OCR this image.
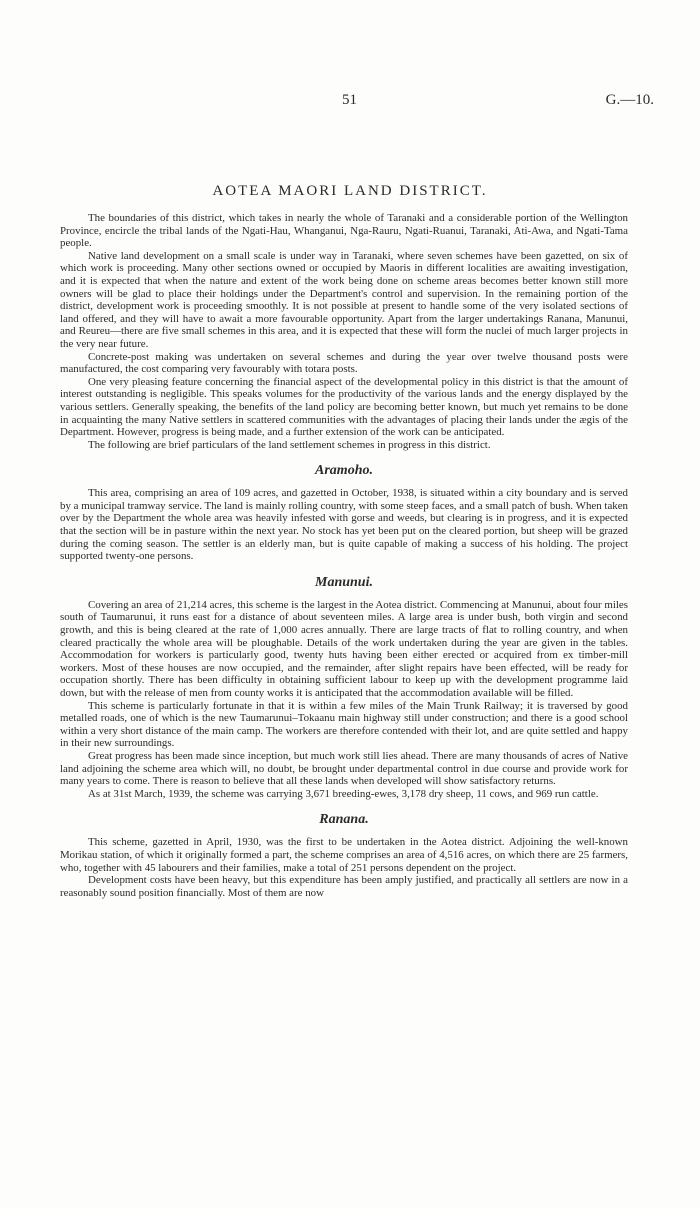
51	G.—10.
AOTEA MAORI LAND DISTRICT.

The boundaries of this district, which takes in nearly the whole of Taranaki and a considerable portion of the Wellington Province, encircle the tribal lands of the Ngati-Hau, Whanganui, Nga-Rauru, Ngati-Ruanui, Taranaki, Ati-Awa, and Ngati-Tama people.

Native land development on a small scale is under way in Taranaki, where seven schemes have been gazetted, on six of which work is proceeding. Many other sections owned or occupied by Maoris in different localities are awaiting investigation, and it is expected that when the nature and extent of the work being done on scheme areas becomes better known still more owners will be glad to place their holdings under the Department's control and supervision. In the remaining portion of the district, development work is proceeding smoothly. It is not possible at present to handle some of the very isolated sections of land offered, and they will have to await a more favourable opportunity. Apart from the larger undertakings Ranana, Manunui, and Reureu—there are five small schemes in this area, and it is expected that these will form the nuclei of much larger projects in the very near future.

Concrete-post making was undertaken on several schemes and during the year over twelve thousand posts were manufactured, the cost comparing very favourably with totara posts.

One very pleasing feature concerning the financial aspect of the developmental policy in this district is that the amount of interest outstanding is negligible. This speaks volumes for the productivity of the various lands and the energy displayed by the various settlers. Generally speaking, the benefits of the land policy are becoming better known, but much yet remains to be done in acquainting the many Native settlers in scattered communities with the advantages of placing their lands under the ægis of the Department. However, progress is being made, and a further extension of the work can be anticipated.

The following are brief particulars of the land settlement schemes in progress in this district.

Aramoho.

This area, comprising an area of 109 acres, and gazetted in October, 1938, is situated within a city boundary and is served by a municipal tramway service. The land is mainly rolling country, with some steep faces, and a small patch of bush. When taken over by the Department the whole area was heavily infested with gorse and weeds, but clearing is in progress, and it is expected that the section will be in pasture within the next year. No stock has yet been put on the cleared portion, but sheep will be grazed during the coming season. The settler is an elderly man, but is quite capable of making a success of his holding. The project supported twenty-one persons.

Manunui.

Covering an area of 21,214 acres, this scheme is the largest in the Aotea district. Commencing at Manunui, about four miles south of Taumarunui, it runs east for a distance of about seventeen miles. A large area is under bush, both virgin and second growth, and this is being cleared at the rate of 1,000 acres annually. There are large tracts of flat to rolling country, and when cleared practically the whole area will be ploughable. Details of the work undertaken during the year are given in the tables. Accommodation for workers is particularly good, twenty huts having been either erected or acquired from ex timber-mill workers. Most of these houses are now occupied, and the remainder, after slight repairs have been effected, will be ready for occupation shortly. There has been difficulty in obtaining sufficient labour to keep up with the development programme laid down, but with the release of men from county works it is anticipated that the accommodation available will be filled.

This scheme is particularly fortunate in that it is within a few miles of the Main Trunk Railway; it is traversed by good metalled roads, one of which is the new Taumarunui–Tokaanu main highway still under construction; and there is a good school within a very short distance of the main camp. The workers are therefore contended with their lot, and are quite settled and happy in their new surroundings.

Great progress has been made since inception, but much work still lies ahead. There are many thousands of acres of Native land adjoining the scheme area which will, no doubt, be brought under departmental control in due course and provide work for many years to come. There is reason to believe that all these lands when developed will show satisfactory returns.

As at 31st March, 1939, the scheme was carrying 3,671 breeding-ewes, 3,178 dry sheep, 11 cows, and 969 run cattle.

Ranana.

This scheme, gazetted in April, 1930, was the first to be undertaken in the Aotea district. Adjoining the well-known Morikau station, of which it originally formed a part, the scheme comprises an area of 4,516 acres, on which there are 25 farmers, who, together with 45 labourers and their families, make a total of 251 persons dependent on the project.

Development costs have been heavy, but this expenditure has been amply justified, and practically all settlers are now in a reasonably sound position financially. Most of them are now
